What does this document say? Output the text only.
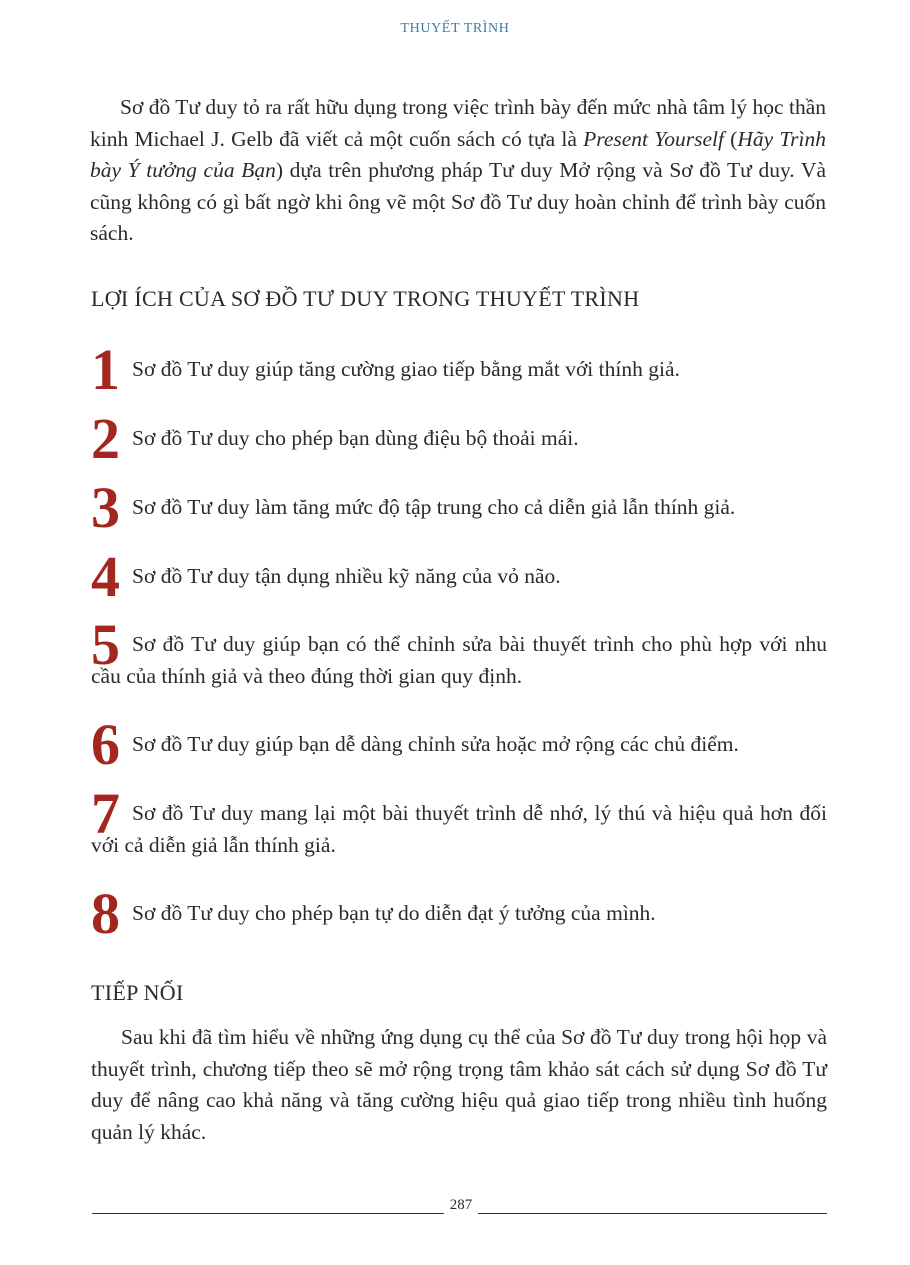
THUYẾT TRÌNH

Sơ đồ Tư duy tỏ ra rất hữu dụng trong việc trình bày đến mức nhà tâm lý học thần kinh Michael J. Gelb đã viết cả một cuốn sách có tựa là Present Yourself (Hãy Trình bày Ý tưởng của Bạn) dựa trên phương pháp Tư duy Mở rộng và Sơ đồ Tư duy. Và cũng không có gì bất ngờ khi ông vẽ một Sơ đồ Tư duy hoàn chỉnh để trình bày cuốn sách.

LỢI ÍCH CỦA SƠ ĐỒ TƯ DUY TRONG THUYẾT TRÌNH
1 Sơ đồ Tư duy giúp tăng cường giao tiếp bằng mắt với thính giả.

2 Sơ đồ Tư duy cho phép bạn dùng điệu bộ thoải mái.

3 Sơ đồ Tư duy làm tăng mức độ tập trung cho cả diễn giả lẫn thính giả.

4 Sơ đồ Tư duy tận dụng nhiều kỹ năng của vỏ não.

5 Sơ đồ Tư duy giúp bạn có thể chỉnh sửa bài thuyết trình cho phù hợp với nhu cầu của thính giả và theo đúng thời gian quy định.

6 Sơ đồ Tư duy giúp bạn dễ dàng chỉnh sửa hoặc mở rộng các chủ điểm.

7 Sơ đồ Tư duy mang lại một bài thuyết trình dễ nhớ, lý thú và hiệu quả hơn đối với cả diễn giả lẫn thính giả.

8 Sơ đồ Tư duy cho phép bạn tự do diễn đạt ý tưởng của mình.

TIẾP NỐI

Sau khi đã tìm hiểu về những ứng dụng cụ thể của Sơ đồ Tư duy trong hội họp và thuyết trình, chương tiếp theo sẽ mở rộng trọng tâm khảo sát cách sử dụng Sơ đồ Tư duy để nâng cao khả năng và tăng cường hiệu quả giao tiếp trong nhiều tình huống quản lý khác.

287
